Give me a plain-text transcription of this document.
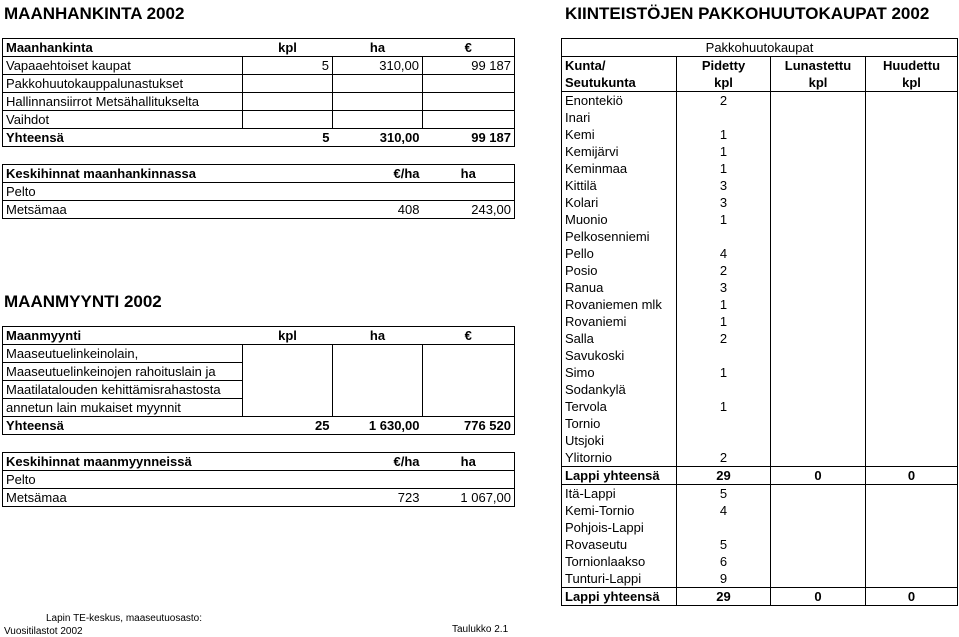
MAANHANKINTA 2002
MAANMYYNTI 2002
Maanhankinta	kpl	ha	€
Vapaaehtoiset kaupat	5	310,00	99 187
Pakkohuutokauppalunastukset			
Hallinnansiirrot Metsähallitukselta			
Vaihdot			
Yhteensä	5	310,00	99 187
Keskihinnat maanhankinnassa		€/ha	ha
Pelto			
Metsämaa		408	243,00
Maanmyynti	kpl	ha	€
Maaseutuelinkeinolain,			
Maaseutuelinkeinojen rahoituslain ja			
Maatilatalouden kehittämisrahastosta			
annetun lain mukaiset myynnit			
Yhteensä	25	1 630,00	776 520
Keskihinnat maanmyynneissä		€/ha	ha
Pelto			
Metsämaa		723	1 067,00
Lapin TE-keskus, maaseutuosasto:
Vuositilastot 2002	Taulukko 2.1
KIINTEISTÖJEN PAKKOHUUTOKAUPAT 2002
Pakkohuutokaupat			
Kunta/	Pidetty	Lunastettu	Huudettu
Seutukunta	kpl	kpl	kpl
Enontekiö	2		
Inari			
Kemi	1		
Kemijärvi	1		
Keminmaa	1		
Kittilä	3		
Kolari	3		
Muonio	1		
Pelkosenniemi			
Pello	4		
Posio	2		
Ranua	3		
Rovaniemen mlk	1		
Rovaniemi	1		
Salla	2		
Savukoski			
Simo	1		
Sodankylä			
Tervola	1		
Tornio			
Utsjoki			
Ylitornio	2		
Lappi yhteensä	29	0	0
Itä-Lappi	5		
Kemi-Tornio	4		
Pohjois-Lappi			
Rovaseutu	5		
Tornionlaakso	6		
Tunturi-Lappi	9		
Lappi yhteensä	29	0	0
